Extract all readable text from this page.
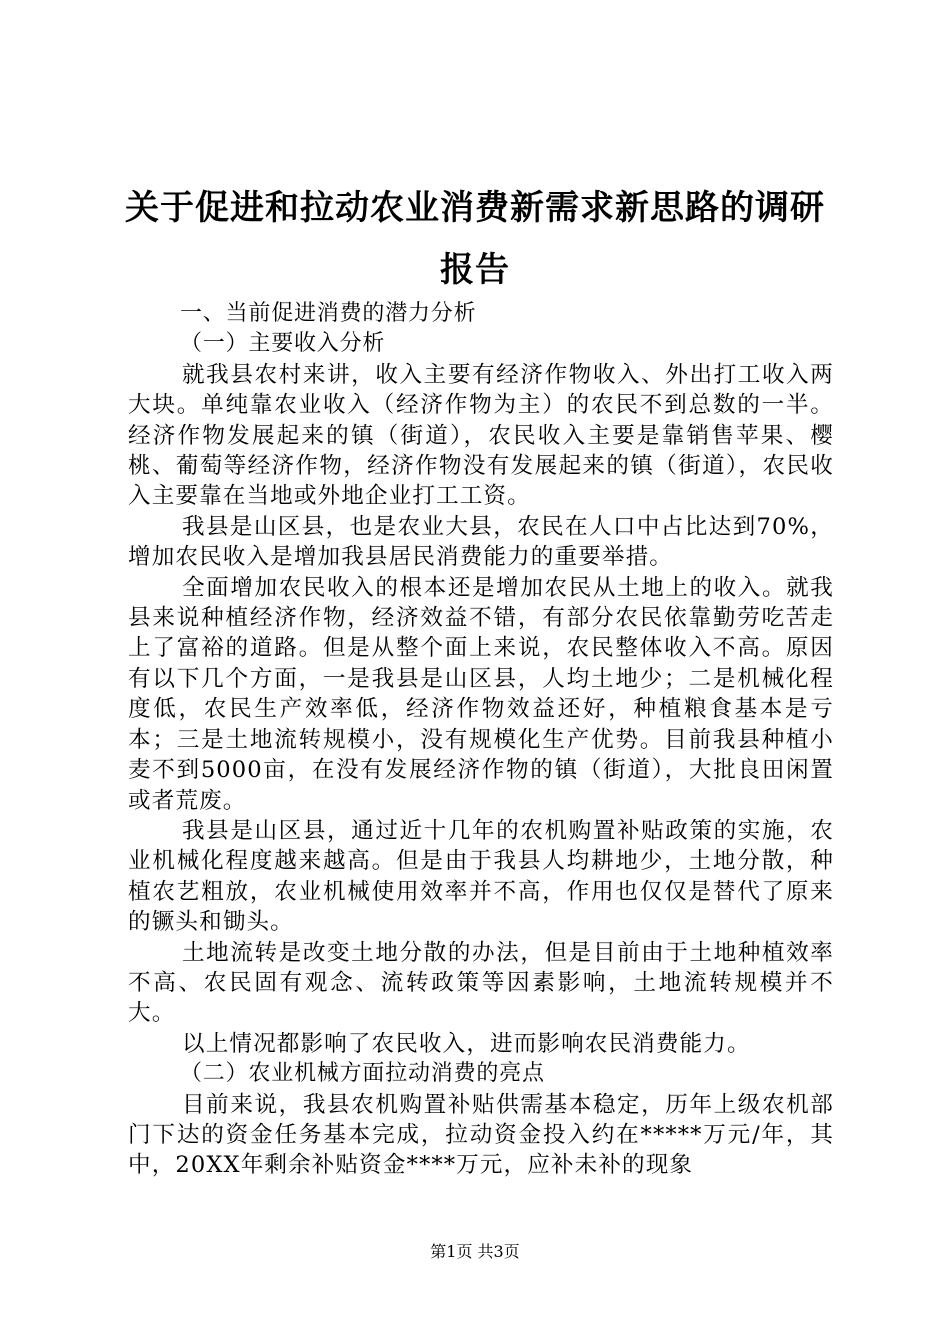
关于促进和拉动农业消费新需求新思路的调研
报告

一、当前促进消费的潜力分析

（一）主要收入分析

就我县农村来讲，收入主要有经济作物收入、外出打工收入两大块。单纯靠农业收入（经济作物为主）的农民不到总数的一半。经济作物发展起来的镇（街道），农民收入主要是靠销售苹果、樱桃、葡萄等经济作物，经济作物没有发展起来的镇（街道），农民收入主要靠在当地或外地企业打工工资。

我县是山区县，也是农业大县，农民在人口中占比达到70%，增加农民收入是增加我县居民消费能力的重要举措。

全面增加农民收入的根本还是增加农民从土地上的收入。就我县来说种植经济作物，经济效益不错，有部分农民依靠勤劳吃苦走上了富裕的道路。但是从整个面上来说，农民整体收入不高。原因有以下几个方面，一是我县是山区县，人均土地少；二是机械化程度低，农民生产效率低，经济作物效益还好，种植粮食基本是亏本；三是土地流转规模小，没有规模化生产优势。目前我县种植小麦不到5000亩，在没有发展经济作物的镇（街道），大批良田闲置或者荒废。

我县是山区县，通过近十几年的农机购置补贴政策的实施，农业机械化程度越来越高。但是由于我县人均耕地少，土地分散，种植农艺粗放，农业机械使用效率并不高，作用也仅仅是替代了原来的镢头和锄头。

土地流转是改变土地分散的办法，但是目前由于土地种植效率不高、农民固有观念、流转政策等因素影响，土地流转规模并不大。

以上情况都影响了农民收入，进而影响农民消费能力。

（二）农业机械方面拉动消费的亮点

目前来说，我县农机购置补贴供需基本稳定，历年上级农机部门下达的资金任务基本完成，拉动资金投入约在*****万元/年，其中，20XX年剩余补贴资金****万元，应补未补的现象

第1页 共3页
